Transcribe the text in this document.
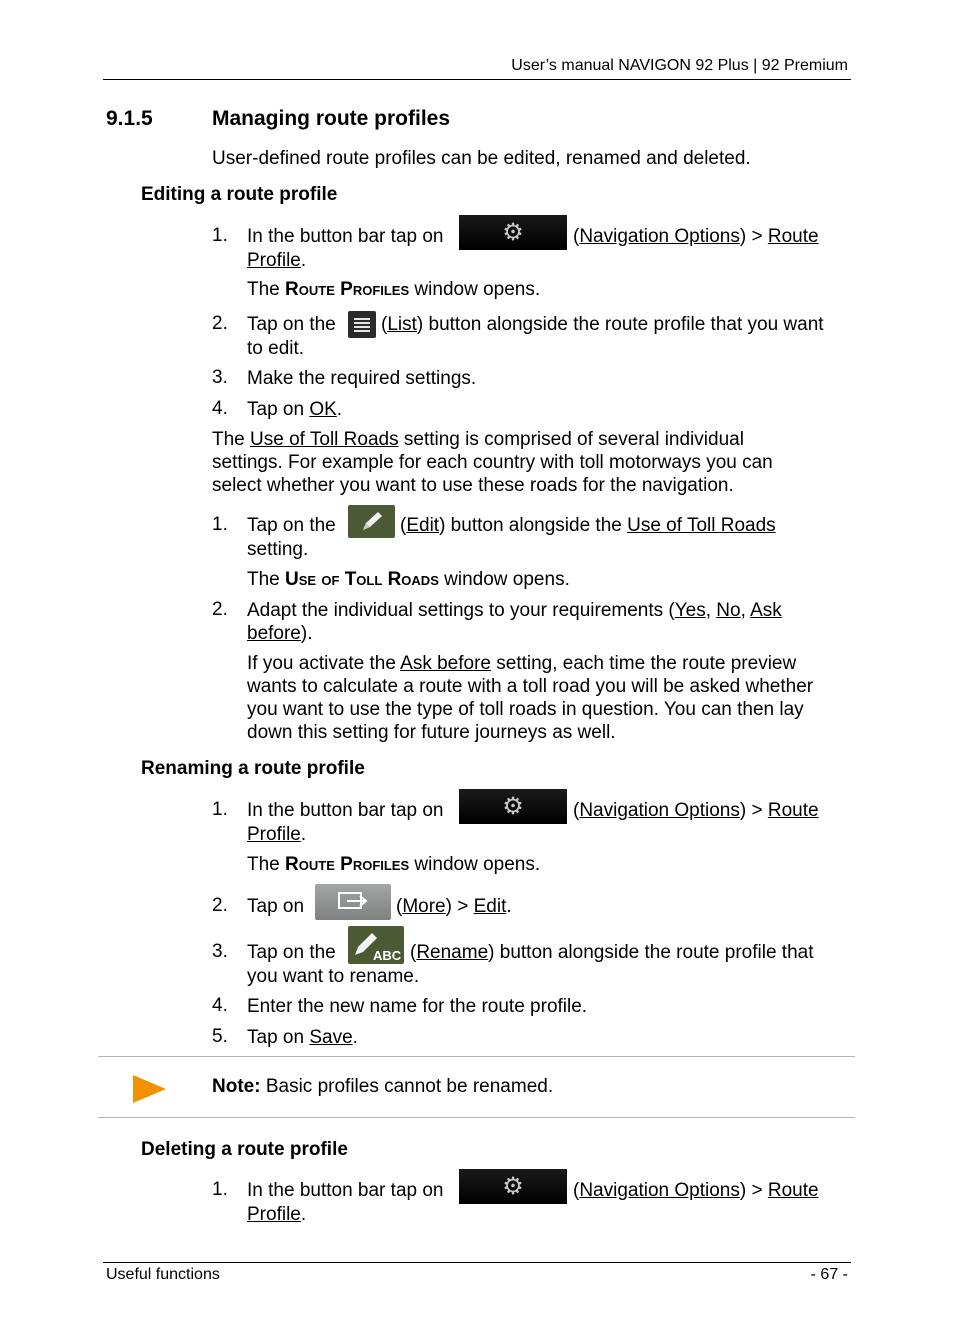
User’s manual NAVIGON 92 Plus | 92 Premium
9.1.5	Managing route profiles
User-defined route profiles can be edited, renamed and deleted.
Editing a route profile
1. In the button bar tap on ⚙	(Navigation Options) > Route
Profile.
The Route Profiles window opens.
2. Tap on the (List) button alongside the route profile that you want
to edit.
3. Make the required settings.
4. Tap on OK.
The Use of Toll Roads setting is comprised of several individual
settings. For example for each country with toll motorways you can
select whether you want to use these roads for the navigation.
1. Tap on the	(Edit) button alongside the Use of Toll Roads
setting.
The Use of Toll Roads window opens.
2. Adapt the individual settings to your requirements (Yes, No, Ask
before).
If you activate the Ask before setting, each time the route preview
wants to calculate a route with a toll road you will be asked whether
you want to use the type of toll roads in question. You can then lay
down this setting for future journeys as well.
Renaming a route profile
1. In the button bar tap on ⚙	(Navigation Options) > Route
Profile.
The Route Profiles window opens.
2. Tap on	(More) > Edit.
3. Tap on the	ABC (Rename) button alongside the route profile that
you want to rename.
4. Enter the new name for the route profile.
5. Tap on Save.
Note: Basic profiles cannot be renamed.
Deleting a route profile
1. In the button bar tap on ⚙	(Navigation Options) > Route
Profile.
Useful functions	- 67 -
